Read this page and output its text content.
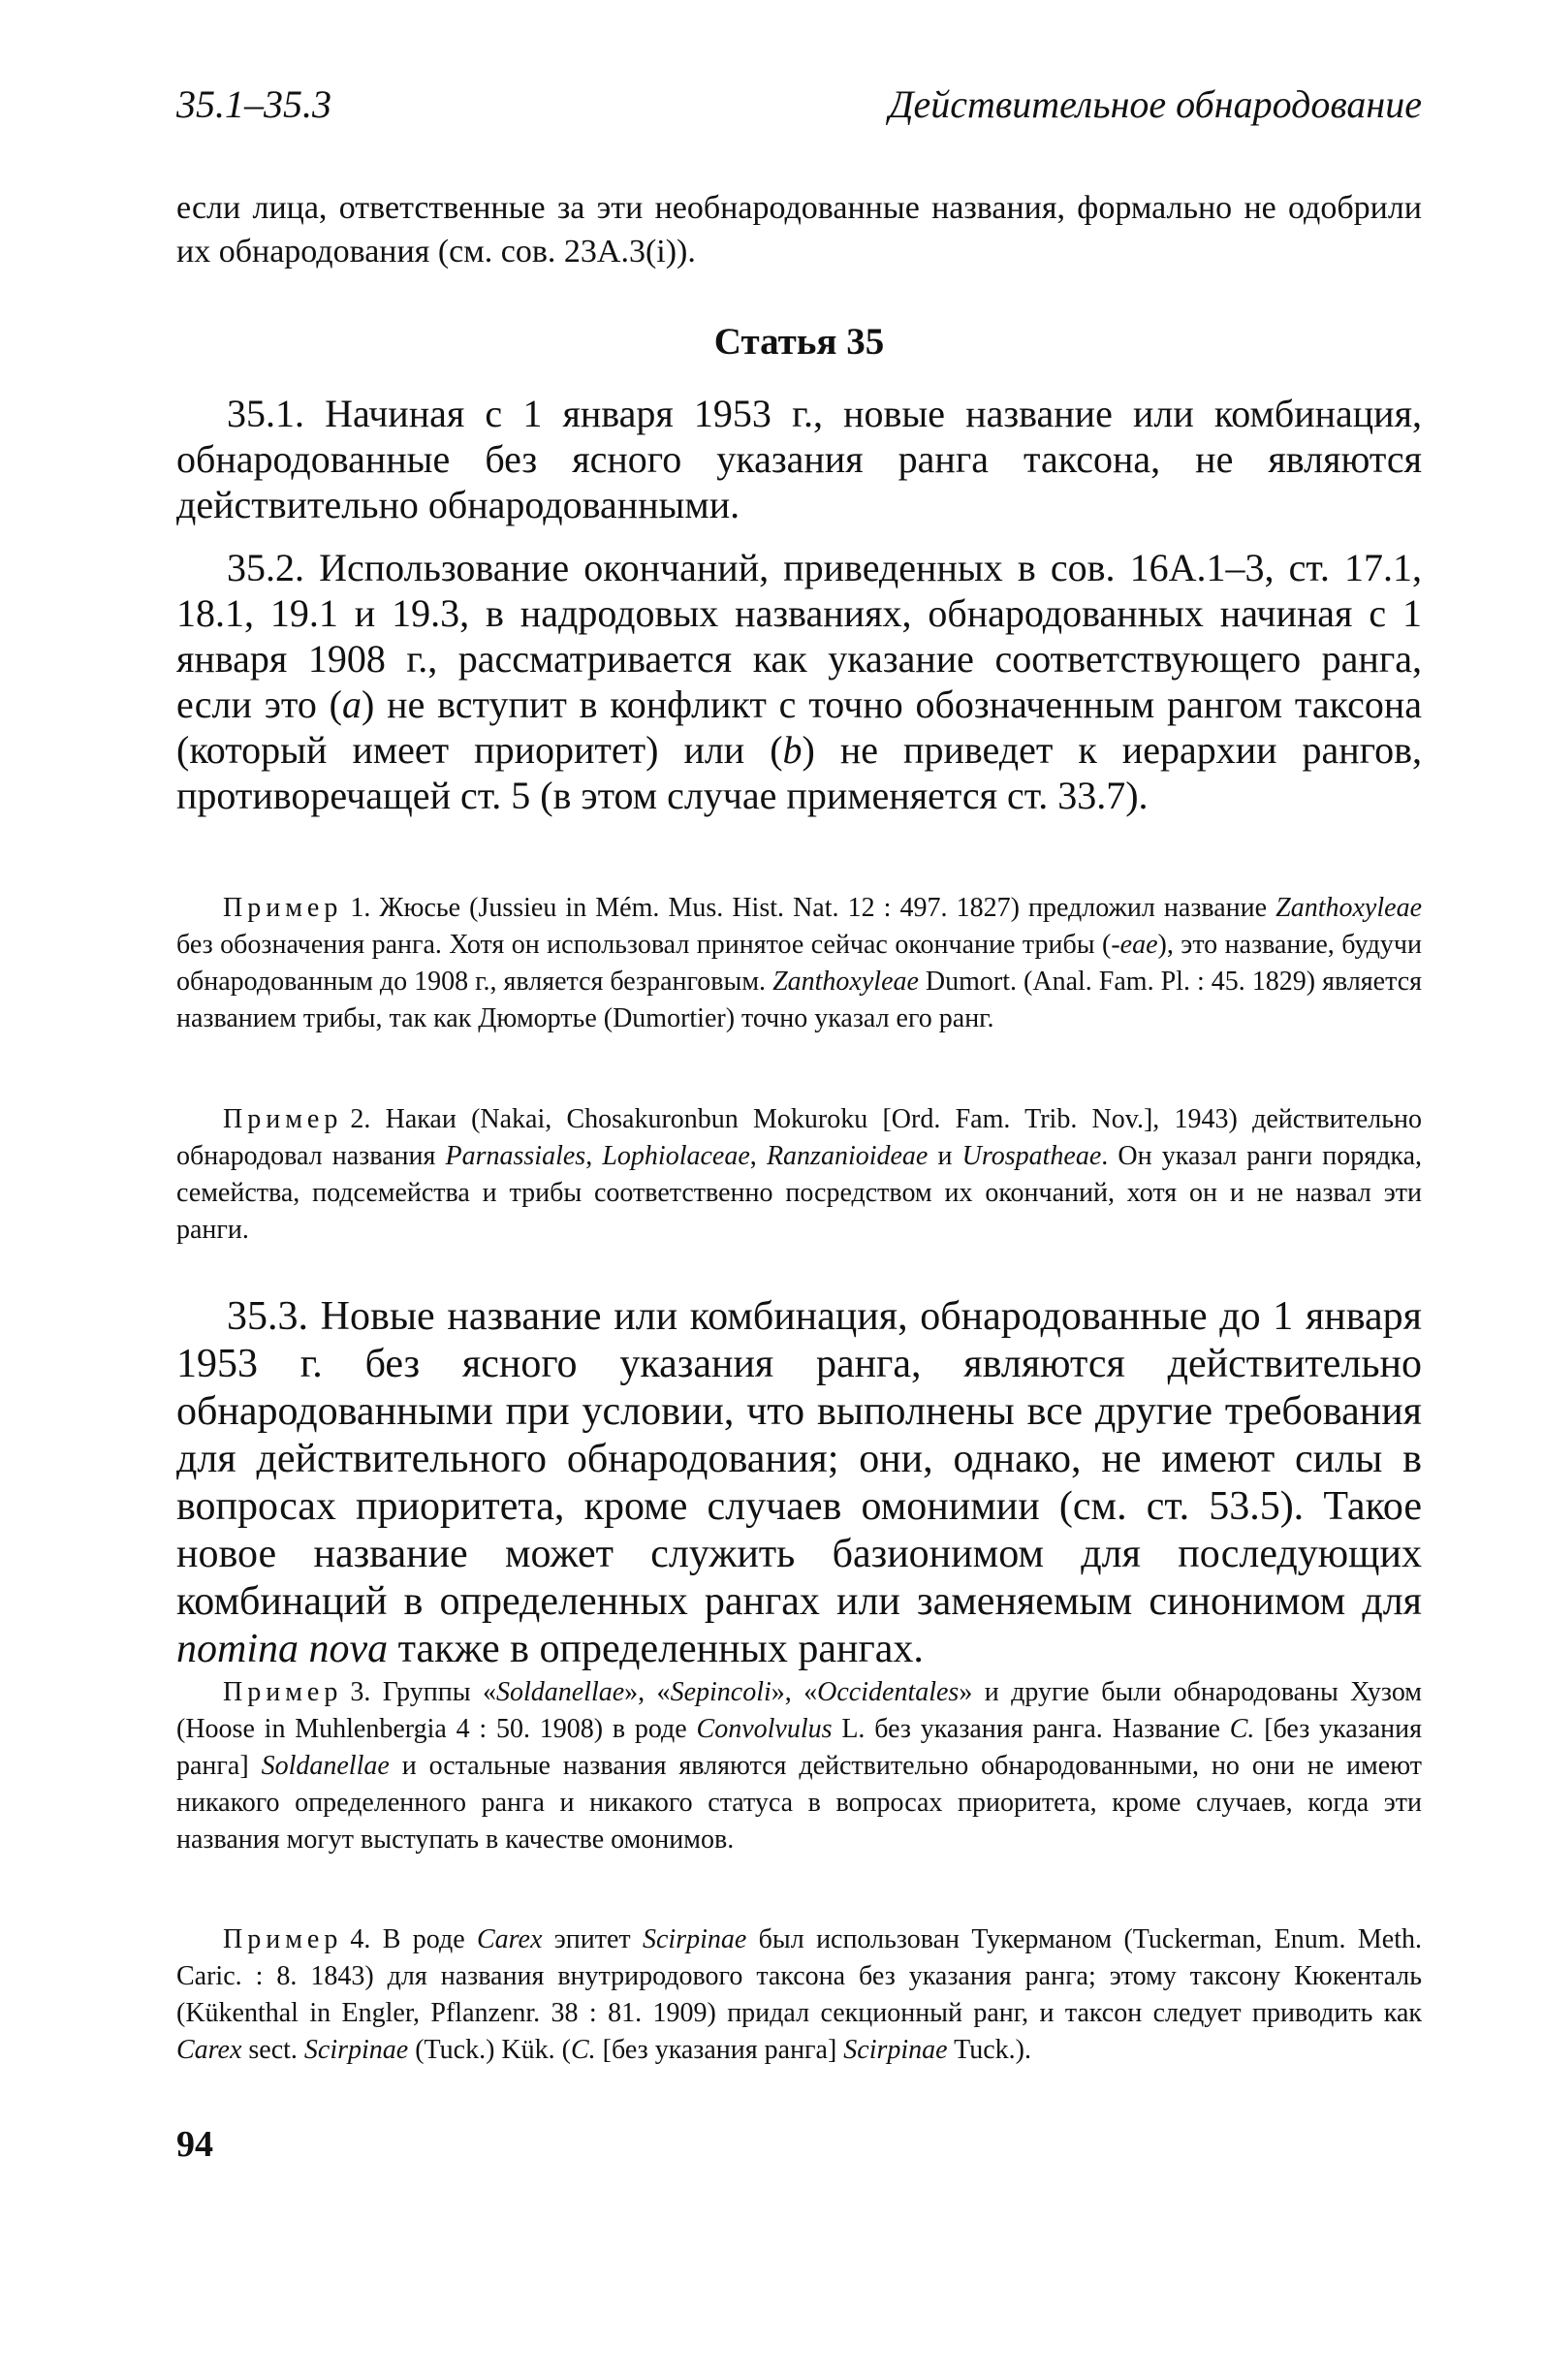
35.1–35.3	Действительное обнародование

если лица, ответственные за эти необнародованные названия, формально не одобрили их обнародования (см. сов. 23A.3(i)).

Статья 35

35.1. Начиная с 1 января 1953 г., новые название или комбинация, обнародованные без ясного указания ранга таксона, не являются действительно обнародованными.

35.2. Использование окончаний, приведенных в сов. 16A.1–3, ст. 17.1, 18.1, 19.1 и 19.3, в надродовых названиях, обнародованных начиная с 1 января 1908 г., рассматривается как указание соответствующего ранга, если это (a) не вступит в конфликт с точно обозначенным рангом таксона (который имеет приоритет) или (b) не приведет к иерархии рангов, противоречащей ст. 5 (в этом случае применяется ст. 33.7).

Пример 1. Жюсье (Jussieu in Mém. Mus. Hist. Nat. 12 : 497. 1827) предложил название Zanthoxyleae без обозначения ранга. Хотя он использовал принятое сейчас окончание трибы (-eae), это название, будучи обнародованным до 1908 г., является безранговым. Zanthoxyleae Dumort. (Anal. Fam. Pl. : 45. 1829) является названием трибы, так как Дюмортье (Dumortier) точно указал его ранг.

Пример 2. Накаи (Nakai, Chosakuronbun Mokuroku [Ord. Fam. Trib. Nov.], 1943) действительно обнародовал названия Parnassiales, Lophiolaceae, Ranzanioideae и Urospatheae. Он указал ранги порядка, семейства, подсемейства и трибы соответственно посредством их окончаний, хотя он и не назвал эти ранги.

35.3. Новые название или комбинация, обнародованные до 1 января 1953 г. без ясного указания ранга, являются действительно обнародованными при условии, что выполнены все другие требования для действительного обнародования; они, однако, не имеют силы в вопросах приоритета, кроме случаев омонимии (см. ст. 53.5). Такое новое название может служить базионимом для последующих комбинаций в определенных рангах или заменяемым синонимом для nomina nova также в определенных рангах.

Пример 3. Группы «Soldanellae», «Sepincoli», «Occidentales» и другие были обнародованы Хузом (Hoose in Muhlenbergia 4 : 50. 1908) в роде Convolvulus L. без указания ранга. Название C. [без указания ранга] Soldanellae и остальные названия являются действительно обнародованными, но они не имеют никакого определенного ранга и никакого статуса в вопросах приоритета, кроме случаев, когда эти названия могут выступать в качестве омонимов.

Пример 4. В роде Carex эпитет Scirpinae был использован Тукерманом (Tuckerman, Enum. Meth. Caric. : 8. 1843) для названия внутриродового таксона без указания ранга; этому таксону Кюкенталь (Kükenthal in Engler, Pflanzenr. 38 : 81. 1909) придал секционный ранг, и таксон следует приводить как Carex sect. Scirpinae (Tuck.) Kük. (C. [без указания ранга] Scirpinae Tuck.).

94
